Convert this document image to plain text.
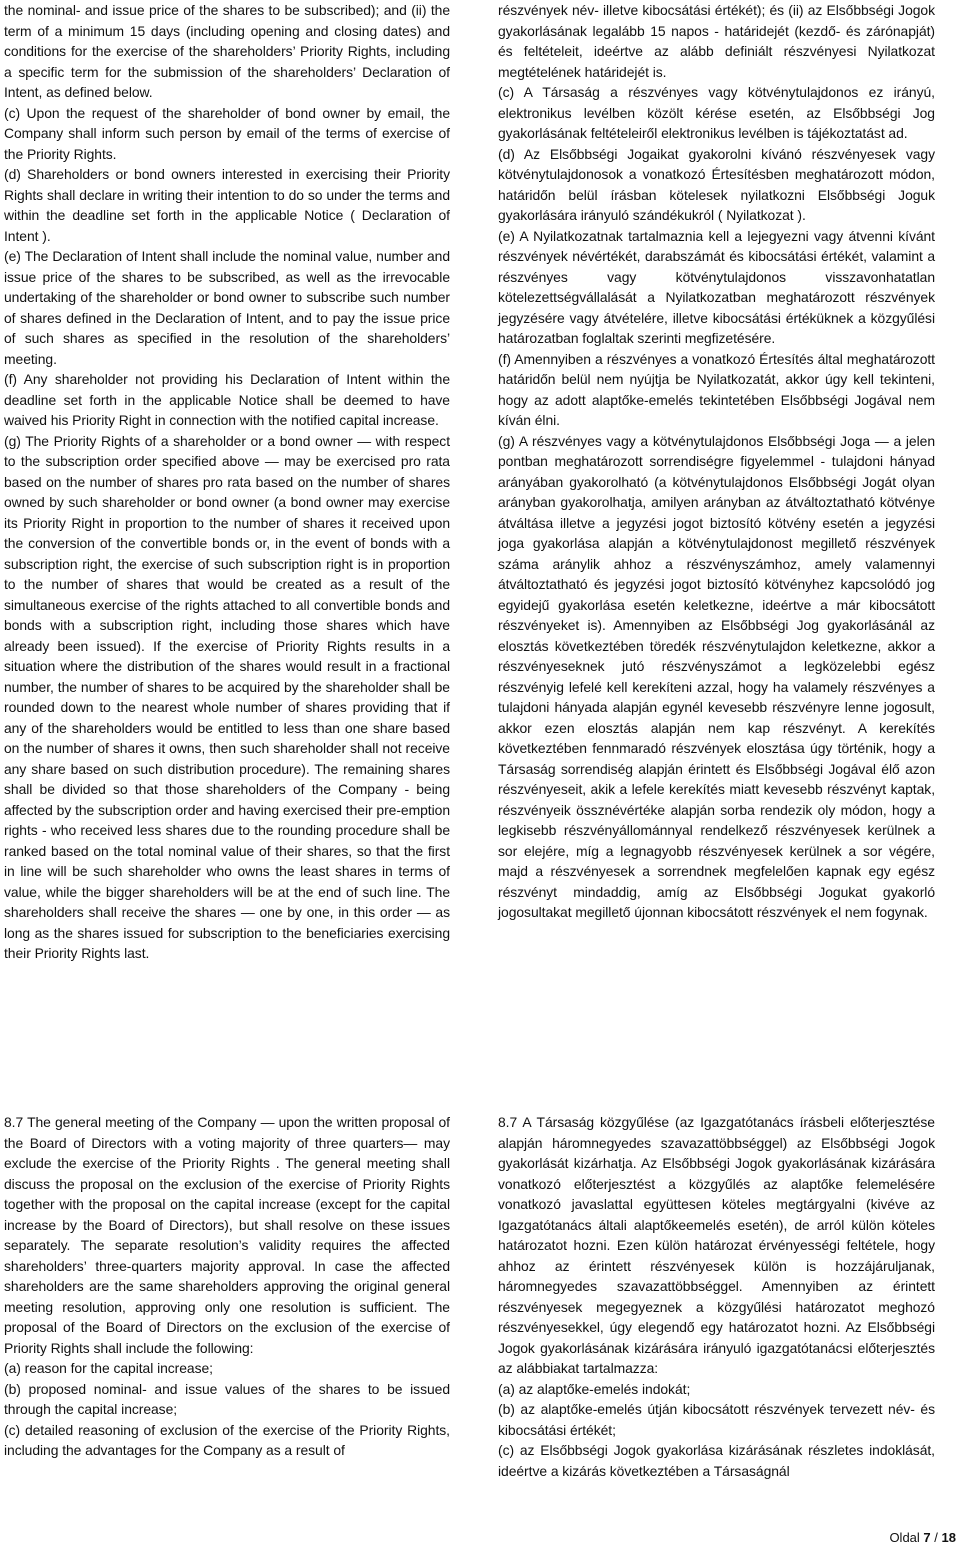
the nominal- and issue price of the shares to be subscribed); and (ii) the term of a minimum 15 days (including opening and closing dates) and conditions for the exercise of the shareholders’ Priority Rights, including a specific term for the submission of the shareholders’ Declaration of Intent, as defined below.

(c) Upon the request of the shareholder of bond owner by email, the Company shall inform such person by email of the terms of exercise of the Priority Rights.

(d) Shareholders or bond owners interested in exercising their Priority Rights shall declare in writing their intention to do so under the terms and within the deadline set forth in the applicable Notice ( Declaration of Intent ).

(e) The Declaration of Intent shall include the nominal value, number and issue price of the shares to be subscribed, as well as the irrevocable undertaking of the shareholder or bond owner to subscribe such number of shares defined in the Declaration of Intent, and to pay the issue price of such shares as specified in the resolution of the shareholders’ meeting.

(f) Any shareholder not providing his Declaration of Intent within the deadline set forth in the applicable Notice shall be deemed to have waived his Priority Right in connection with the notified capital increase.

(g) The Priority Rights of a shareholder or a bond owner — with respect to the subscription order specified above — may be exercised pro rata based on the number of shares pro rata based on the number of shares owned by such shareholder or bond owner (a bond owner may exercise its Priority Right in proportion to the number of shares it received upon the conversion of the convertible bonds or, in the event of bonds with a subscription right, the exercise of such subscription right is in proportion to the number of shares that would be created as a result of the simultaneous exercise of the rights attached to all convertible bonds and bonds with a subscription right, including those shares which have already been issued). If the exercise of Priority Rights results in a situation where the distribution of the shares would result in a fractional number, the number of shares to be acquired by the shareholder shall be rounded down to the nearest whole number of shares providing that if any of the shareholders would be entitled to less than one share based on the number of shares it owns, then such shareholder shall not receive any share based on such distribution procedure). The remaining shares shall be divided so that those shareholders of the Company - being affected by the subscription order and having exercised their pre-emption rights - who received less shares due to the rounding procedure shall be ranked based on the total nominal value of their shares, so that the first in line will be such shareholder who owns the least shares in terms of value, while the bigger shareholders will be at the end of such line. The shareholders shall receive the shares — one by one, in this order — as long as the shares issued for subscription to the beneficiaries exercising their Priority Rights last.

részvények név- illetve kibocsátási értékét); és (ii) az Elsőbbségi Jogok gyakorlásának legalább 15 napos - határidejét (kezdő- és zárónapját) és feltételeit, ideértve az alább definiált részvényesi Nyilatkozat megtételének határidejét is.

(c) A Társaság a részvényes vagy kötvénytulajdonos ez irányú, elektronikus levélben közölt kérése esetén, az Elsőbbségi Jog gyakorlásának feltételeiről elektronikus levélben is tájékoztatást ad.

(d) Az Elsőbbségi Jogaikat gyakorolni kívánó részvényesek vagy kötvénytulajdonosok a vonatkozó Értesítésben meghatározott módon, határidőn belül írásban kötelesek nyilatkozni Elsőbbségi Joguk gyakorlására irányuló szándékukról ( Nyilatkozat ).

(e) A Nyilatkozatnak tartalmaznia kell a lejegyezni vagy átvenni kívánt részvények névértékét, darabszámát és kibocsátási értékét, valamint a részvényes vagy kötvénytulajdonos visszavonhatatlan kötelezettségvállalását a Nyilatkozatban meghatározott részvények jegyzésére vagy átvételére, illetve kibocsátási értéküknek a közgyűlési határozatban foglaltak szerinti megfizetésére.

(f) Amennyiben a részvényes a vonatkozó Értesítés által meghatározott határidőn belül nem nyújtja be Nyilatkozatát, akkor úgy kell tekinteni, hogy az adott alaptőke-emelés tekintetében Elsőbbségi Jogával nem kíván élni.

(g) A részvényes vagy a kötvénytulajdonos Elsőbbségi Joga — a jelen pontban meghatározott sorrendiségre figyelemmel - tulajdoni hányad arányában gyakorolható (a kötvénytulajdonos Elsőbbségi Jogát olyan arányban gyakorolhatja, amilyen arányban az átváltoztatható kötvénye átváltása illetve a jegyzési jogot biztosító kötvény esetén a jegyzési joga gyakorlása alapján a kötvénytulajdonost megillető részvények száma aránylik ahhoz a részvényszámhoz, amely valamennyi átváltoztatható és jegyzési jogot biztosító kötvényhez kapcsolódó jog egyidejű gyakorlása esetén keletkezne, ideértve a már kibocsátott részvényeket is). Amennyiben az Elsőbbségi Jog gyakorlásánál az elosztás következtében töredék részvénytulajdon keletkezne, akkor a részvényeseknek jutó részvényszámot a legközelebbi egész részvényig lefelé kell kerekíteni azzal, hogy ha valamely részvényes a tulajdoni hányada alapján egynél kevesebb részvényre lenne jogosult, akkor ezen elosztás alapján nem kap részvényt. A kerekítés következtében fennmaradó részvények elosztása úgy történik, hogy a Társaság sorrendiség alapján érintett és Elsőbbségi Jogával élő azon részvényeseit, akik a lefele kerekítés miatt kevesebb részvényt kaptak, részvényeik össznévértéke alapján sorba rendezik oly módon, hogy a legkisebb részvényállománnyal rendelkező részvényesek kerülnek a sor elejére, míg a legnagyobb részvényesek kerülnek a sor végére, majd a részvényesek a sorrendnek megfelelően kapnak egy egész részvényt mindaddig, amíg az Elsőbbségi Jogukat gyakorló jogosultakat megillető újonnan kibocsátott részvények el nem fogynak.

8.7 The general meeting of the Company — upon the written proposal of the Board of Directors with a voting majority of three quarters— may exclude the exercise of the Priority Rights . The general meeting shall discuss the proposal on the exclusion of the exercise of Priority Rights together with the proposal on the capital increase (except for the capital increase by the Board of Directors), but shall resolve on these issues separately. The separate resolution’s validity requires the affected shareholders’ three-quarters majority approval. In case the affected shareholders are the same shareholders approving the original general meeting resolution, approving only one resolution is sufficient. The proposal of the Board of Directors on the exclusion of the exercise of Priority Rights shall include the following:

(a) reason for the capital increase;

(b) proposed nominal- and issue values of the shares to be issued through the capital increase;

(c) detailed reasoning of exclusion of the exercise of the Priority Rights, including the advantages for the Company as a result of

8.7 A Társaság közgyűlése (az Igazgatótanács írásbeli előterjesztése alapján háromnegyedes szavazattöbbséggel) az Elsőbbségi Jogok gyakorlását kizárhatja. Az Elsőbbségi Jogok gyakorlásának kizárására vonatkozó előterjesztést a közgyűlés az alaptőke felemelésére vonatkozó javaslattal együttesen köteles megtárgyalni (kivéve az Igazgatótanács általi alaptőkeemelés esetén), de arról külön köteles határozatot hozni. Ezen külön határozat érvényességi feltétele, hogy ahhoz az érintett részvényesek külön is hozzájáruljanak, háromnegyedes szavazattöbbséggel. Amennyiben az érintett részvényesek megegyeznek a közgyűlési határozatot meghozó részvényesekkel, úgy elegendő egy határozatot hozni. Az Elsőbbségi Jogok gyakorlásának kizárására irányuló igazgatótanácsi előterjesztés az alábbiakat tartalmazza:

(a) az alaptőke-emelés indokát;

(b) az alaptőke-emelés útján kibocsátott részvények tervezett név- és kibocsátási értékét;

(c) az Elsőbbségi Jogok gyakorlása kizárásának részletes indoklását, ideértve a kizárás következtében a Társaságnál

Oldal 7 / 18
